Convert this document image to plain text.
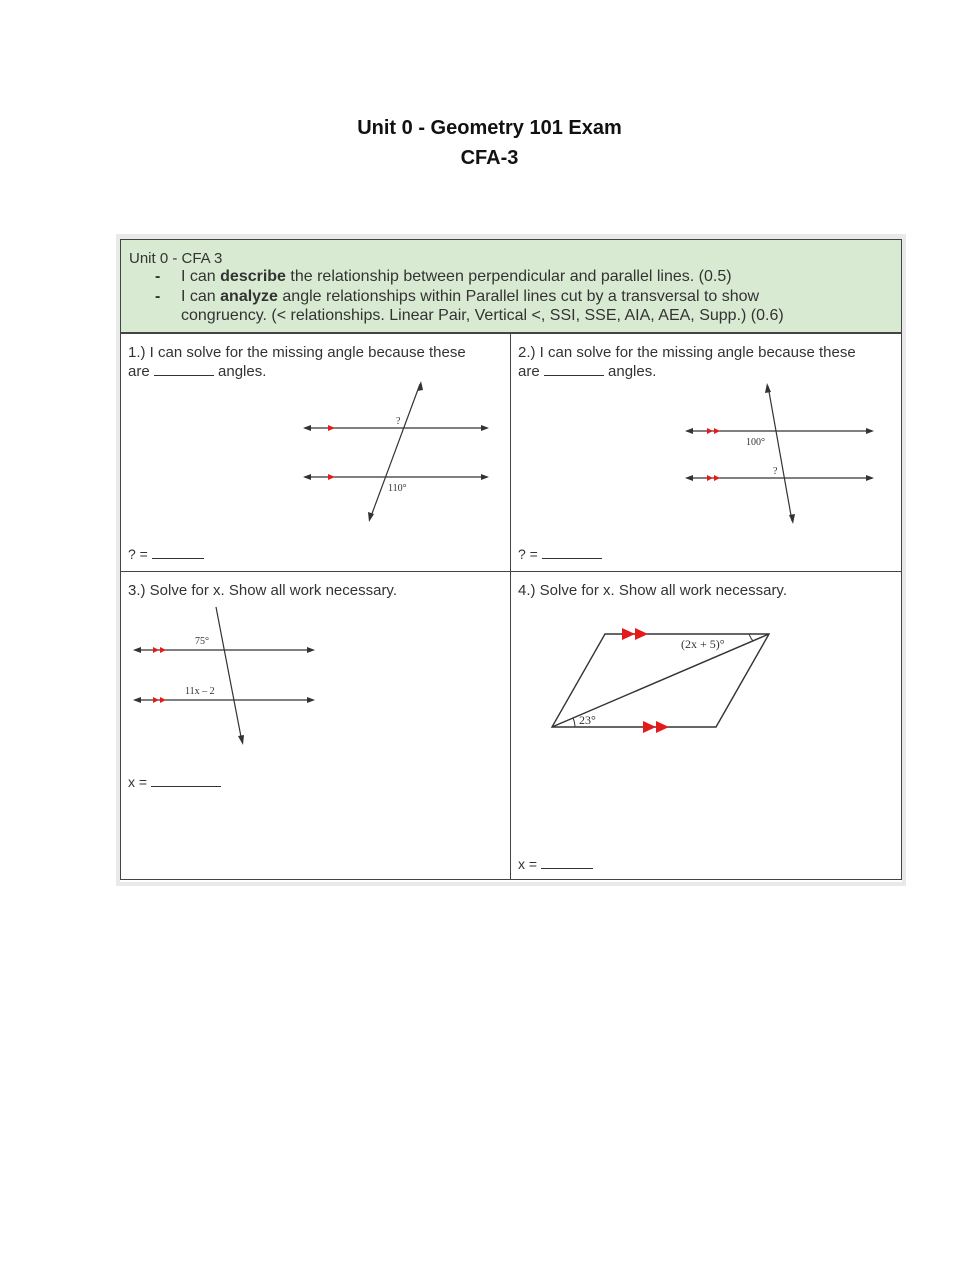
Unit 0 - Geometry 101 Exam
CFA-3
Unit 0 - CFA 3
- I can describe the relationship between perpendicular and parallel lines. (0.5)
- I can analyze angle relationships within Parallel lines cut by a transversal to show
congruency. (< relationships. Linear Pair, Vertical <, SSI, SSE, AIA, AEA, Supp.) (0.6)
1.) I can solve for the missing angle because these
are	angles.
?
110°
? =
2.) I can solve for the missing angle because these
are	angles.
100°
?
? =
3.) Solve for x. Show all work necessary.
75°
11x – 2
x =
4.) Solve for x. Show all work necessary.
(2x + 5)°
23°
x =
